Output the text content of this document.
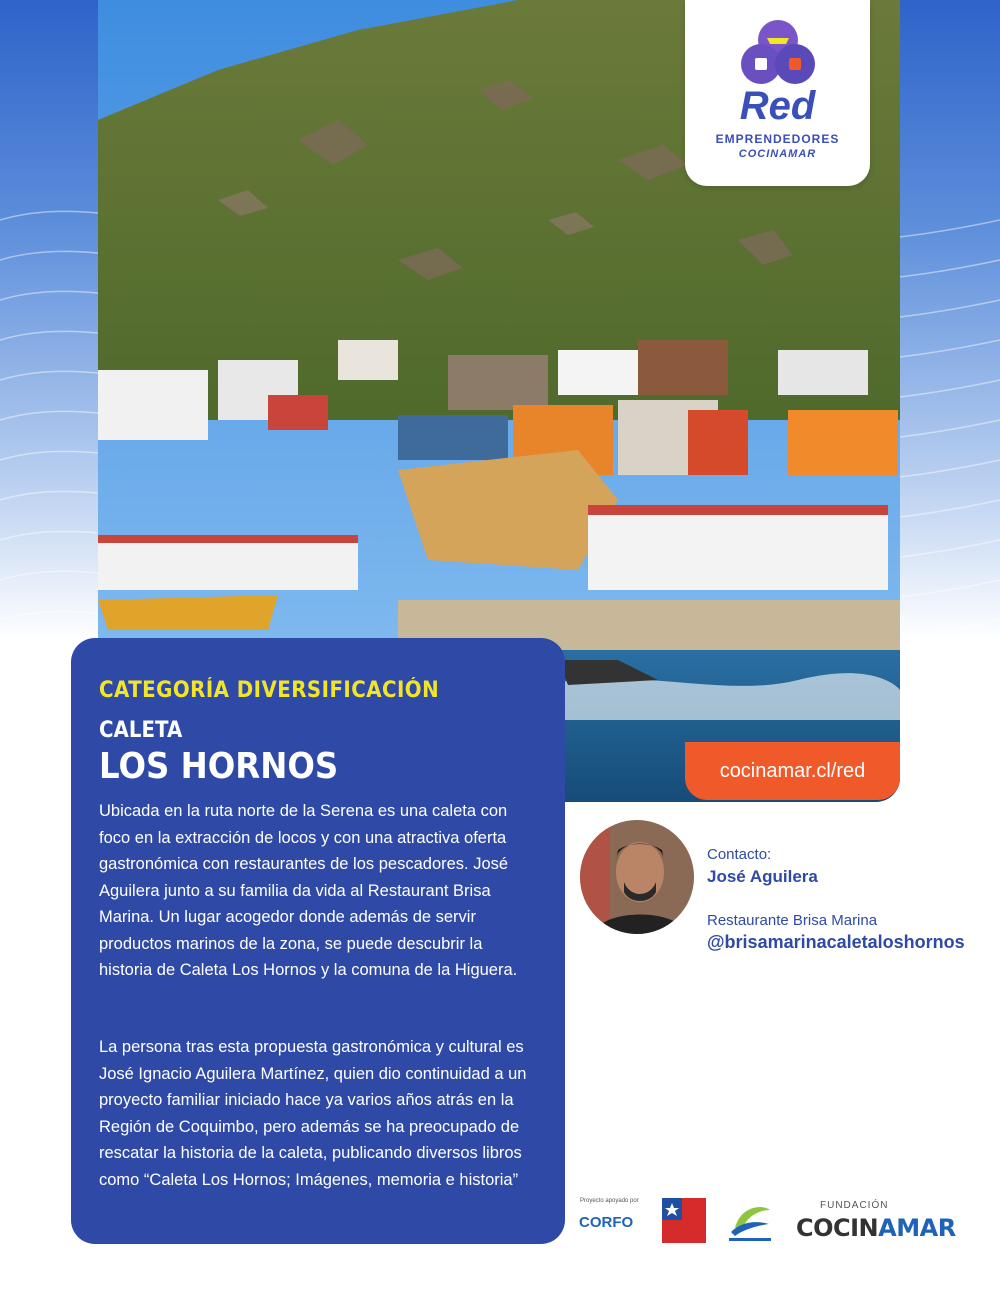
Red
EMPRENDEDORES
COCINAMAR
cocinamar.cl/red
CATEGORÍA DIVERSIFICACIÓN
CALETA
LOS HORNOS
Ubicada en la ruta norte de la Serena es una caleta con foco en la extracción de locos y con una atractiva oferta gastronómica con restaurantes de los pescadores. José Aguilera junto a su familia da vida al Restaurant Brisa Marina. Un lugar acogedor donde además de servir productos marinos de la zona, se puede descubrir la historia de Caleta Los Hornos y la comuna de la Higuera.
La persona tras esta propuesta gastronómica y cultural es José Ignacio Aguilera Martínez, quien dio continuidad a un proyecto familiar iniciado hace ya varios años atrás en la Región de Coquimbo, pero además se ha preocupado de rescatar la historia de la caleta, publicando diversos libros como “Caleta Los Hornos; Imágenes, memoria e historia”
Contacto:
José Aguilera
Restaurante Brisa Marina
@brisamarinacaletaloshornos
Proyecto apoyado por
CORFO
FUNDACIÓN
COCINAMAR
